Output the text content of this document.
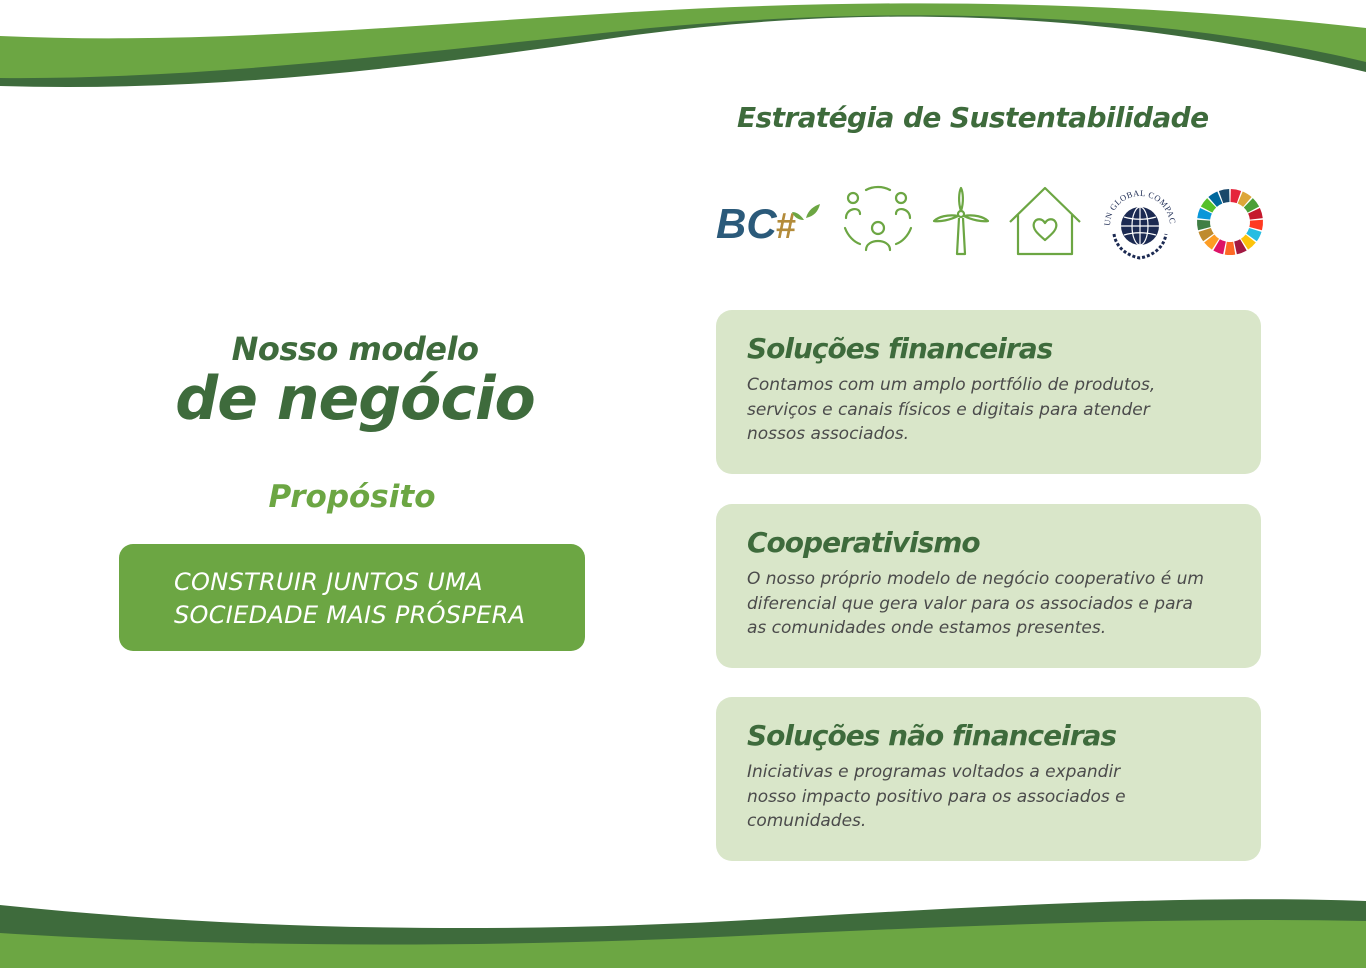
Nosso modelo
de negócio
Propósito
CONSTRUIR JUNTOS UMA
SOCIEDADE MAIS PRÓSPERA
Estratégia de Sustentabilidade
BC #	UN GLOBAL COMPAC
Soluções financeiras

Contamos com um amplo portfólio de produtos,
serviços e canais físicos e digitais para atender
nossos associados.

Cooperativismo

O nosso próprio modelo de negócio cooperativo é um
diferencial que gera valor para os associados e para
as comunidades onde estamos presentes.

Soluções não financeiras

Iniciativas e programas voltados a expandir
nosso impacto positivo para os associados e
comunidades.
